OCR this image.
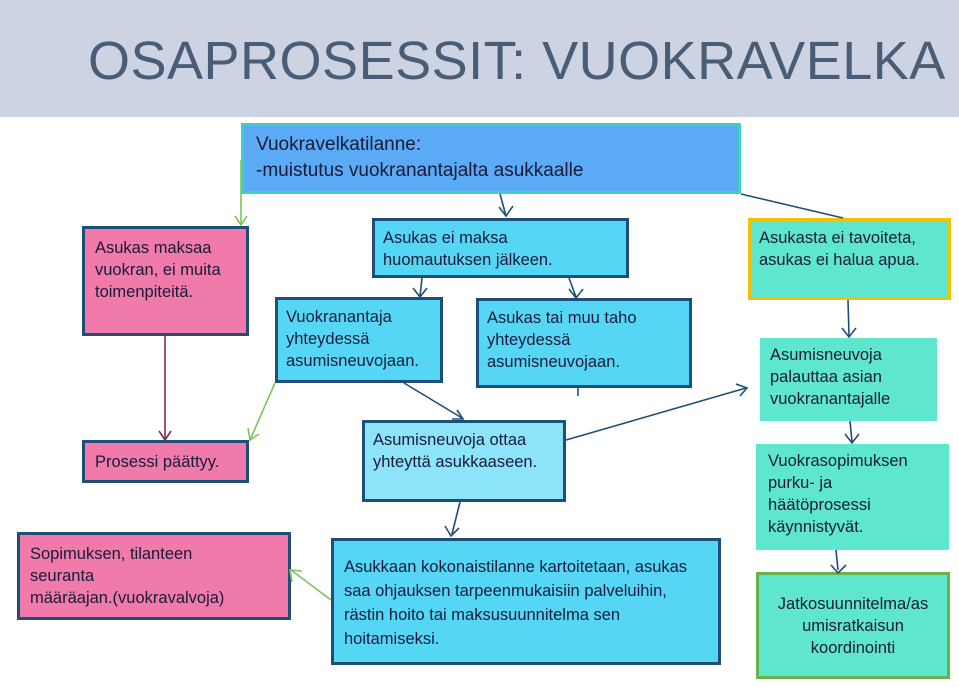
OSAPROSESSIT: VUOKRAVELKA
Vuokravelkatilanne:
-muistutus vuokranantajalta asukkaalle
Asukas maksaa
vuokran, ei muita
toimenpiteitä.
Asukas ei maksa
huomautuksen jälkeen.
Asukasta ei tavoiteta,
asukas ei halua apua.
Vuokranantaja
yhteydessä
asumisneuvojaan.
Asukas tai muu taho
yhteydessä
asumisneuvojaan.	Asumisneuvoja
palauttaa asian
vuokranantajalle
Prosessi päättyy.
Asumisneuvoja ottaa
yhteyttä asukkaaseen.	Vuokrasopimuksen
purku- ja
häätöprosessi
käynnistyvät.
Sopimuksen, tilanteen
seuranta
määräajan.(vuokravalvoja)
Asukkaan kokonaistilanne kartoitetaan, asukas
saa ohjauksen tarpeenmukaisiin palveluihin,
rästin hoito tai maksusuunnitelma sen
hoitamiseksi.
Jatkosuunnitelma/as
umisratkaisun
koordinointi
